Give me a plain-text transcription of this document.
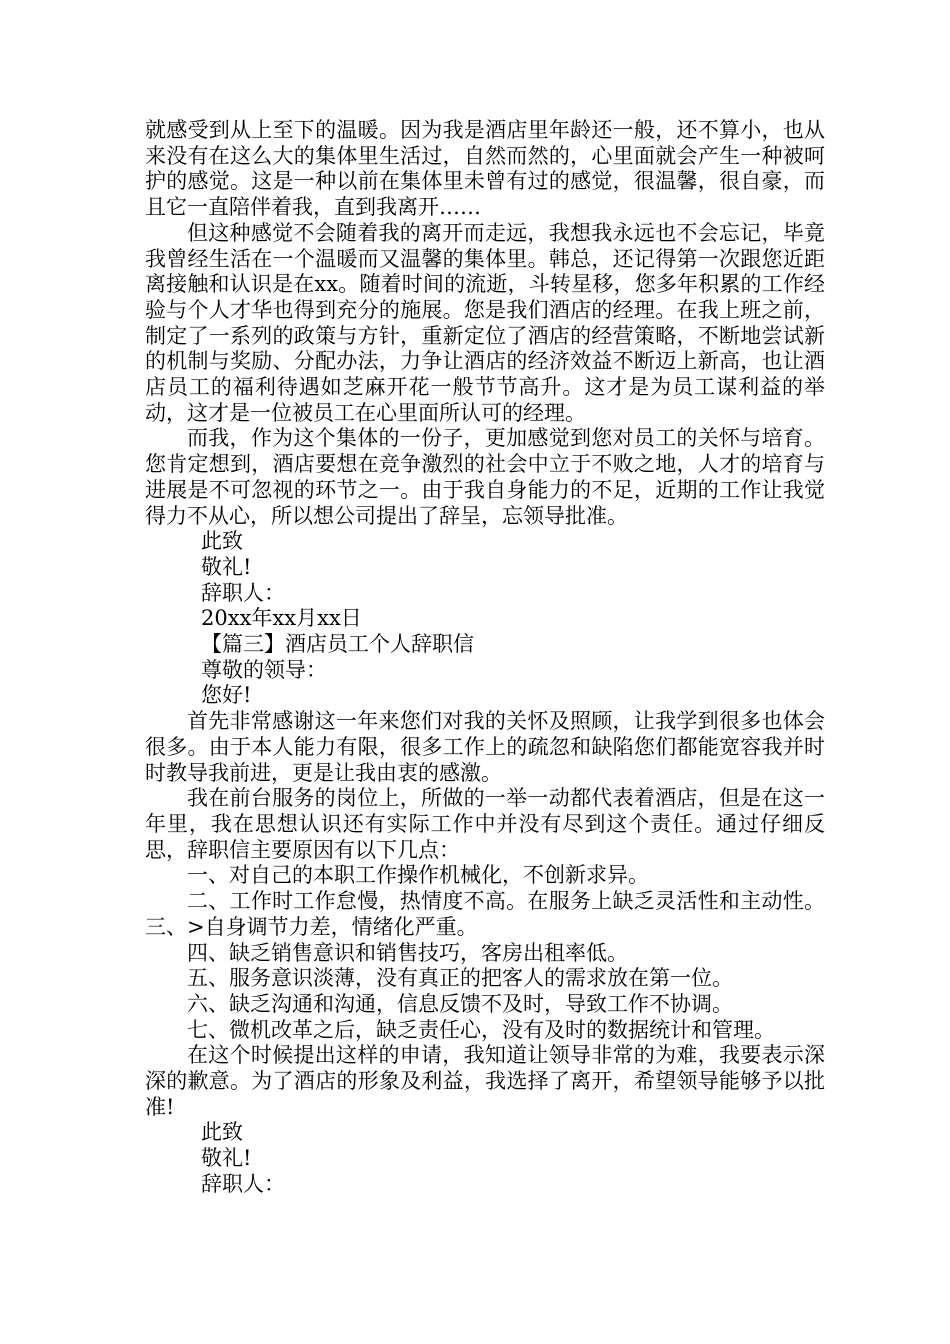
就感受到从上至下的温暖。因为我是酒店里年龄还一般，还不算小，也从来没有在这么大的集体里生活过，自然而然的，心里面就会产生一种被呵护的感觉。这是一种以前在集体里未曾有过的感觉，很温馨，很自豪，而且它一直陪伴着我，直到我离开……

但这种感觉不会随着我的离开而走远，我想我永远也不会忘记，毕竟我曾经生活在一个温暖而又温馨的集体里。韩总，还记得第一次跟您近距离接触和认识是在xx。随着时间的流逝，斗转星移，您多年积累的工作经验与个人才华也得到充分的施展。您是我们酒店的经理。在我上班之前，制定了一系列的政策与方针，重新定位了酒店的经营策略，不断地尝试新的机制与奖励、分配办法，力争让酒店的经济效益不断迈上新高，也让酒店员工的福利待遇如芝麻开花一般节节高升。这才是为员工谋利益的举动，这才是一位被员工在心里面所认可的经理。

而我，作为这个集体的一份子，更加感觉到您对员工的关怀与培育。您肯定想到，酒店要想在竞争激烈的社会中立于不败之地，人才的培育与进展是不可忽视的环节之一。由于我自身能力的不足，近期的工作让我觉得力不从心，所以想公司提出了辞呈，忘领导批准。

此致

敬礼!

辞职人：

20xx年xx月xx日

【篇三】酒店员工个人辞职信

尊敬的领导：

您好!

首先非常感谢这一年来您们对我的关怀及照顾，让我学到很多也体会很多。由于本人能力有限，很多工作上的疏忽和缺陷您们都能宽容我并时时教导我前进，更是让我由衷的感激。

我在前台服务的岗位上，所做的一举一动都代表着酒店，但是在这一年里，我在思想认识还有实际工作中并没有尽到这个责任。通过仔细反思，辞职信主要原因有以下几点：

一、对自己的本职工作操作机械化，不创新求异。

二、工作时工作怠慢，热情度不高。在服务上缺乏灵活性和主动性。三、>自身调节力差，情绪化严重。

四、缺乏销售意识和销售技巧，客房出租率低。

五、服务意识淡薄，没有真正的把客人的需求放在第一位。

六、缺乏沟通和沟通，信息反馈不及时，导致工作不协调。

七、微机改革之后，缺乏责任心，没有及时的数据统计和管理。

在这个时候提出这样的申请，我知道让领导非常的为难，我要表示深深的歉意。为了酒店的形象及利益，我选择了离开，希望领导能够予以批准!

此致

敬礼!

辞职人：
